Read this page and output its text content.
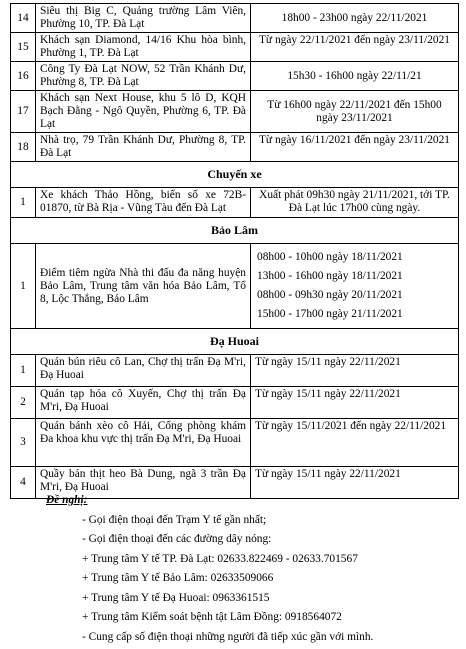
14	Siêu thị Big C, Quảng trường Lâm Viên, Phường 10, TP. Đà Lạt	18h00 - 23h00 ngày 22/11/2021
15	Khách sạn Diamond, 14/16 Khu hòa bình, Phường 1, TP. Đà Lạt	Từ ngày 22/11/2021 đến ngày 23/11/2021
16	Công Ty Đà Lạt NOW, 52 Trần Khánh Dư, Phường 8, TP. Đà Lạt	15h30 - 16h00 ngày 22/11/21
17	Khách sạn Next House, khu 5 lô D, KQH Bạch Đằng - Ngô Quyền, Phường 6, TP. Đà Lạt	Từ 16h00 ngày 22/11/2021 đến 15h00 ngày 23/11/2021
18	Nhà trọ, 79 Trần Khánh Dư, Phường 8, TP. Đà Lạt	Từ ngày 16/11/2021 đến ngày 23/11/2021
Chuyến xe		
1	Xe khách Thảo Hồng, biển số xe 72B-01870, từ Bà Rịa - Vũng Tàu đến Đà Lạt	Xuất phát 09h30 ngày 21/11/2021, tới TP. Đà Lạt lúc 17h00 cùng ngày.
Bảo Lâm		
1	Điểm tiêm ngừa Nhà thi đấu đa năng huyện Bảo Lâm, Trung tâm văn hóa Bảo Lâm, Tổ 8, Lộc Thắng, Bảo Lâm	08h00 - 10h00 ngày 18/11/2021
13h00 - 16h00 ngày 18/11/2021
08h00 - 09h30 ngày 20/11/2021
15h00 - 17h00 ngày 21/11/2021

Đạ Huoai		
1	Quán bún riêu cô Lan, Chợ thị trấn Đạ M'ri, Đạ Huoai	Từ ngày 15/11 ngày 22/11/2021
2	Quán tạp hóa cô Xuyến, Chợ thị trấn Đạ M'ri, Đạ Huoai	Từ ngày 15/11 ngày 22/11/2021
3	Quán bánh xèo cô Hải, Cổng phòng khám Đa khoa khu vực thị trấn Đạ M'ri, Đạ Huoai	Từ ngày 15/11/2021 đến ngày 22/11/2021
4	Quầy bán thịt heo Bà Dung, ngã 3 trần Đạ M'ri, Đạ Huoai	Từ ngày 15/11 ngày 22/11/2021
Đề nghị:
- Gọi điện thoại đến Trạm Y tế gần nhất;
- Gọi điện thoại đến các đường dây nóng:
+ Trung tâm Y tế TP. Đà Lạt: 02633.822469 - 02633.701567
+ Trung tâm Y tế Bảo Lâm: 02633509066
+ Trung tâm Y tế Đạ Huoai: 0963361515
+ Trung tâm Kiểm soát bệnh tật Lâm Đồng: 0918564072
- Cung cấp số điện thoại những người đã tiếp xúc gần với mình.
